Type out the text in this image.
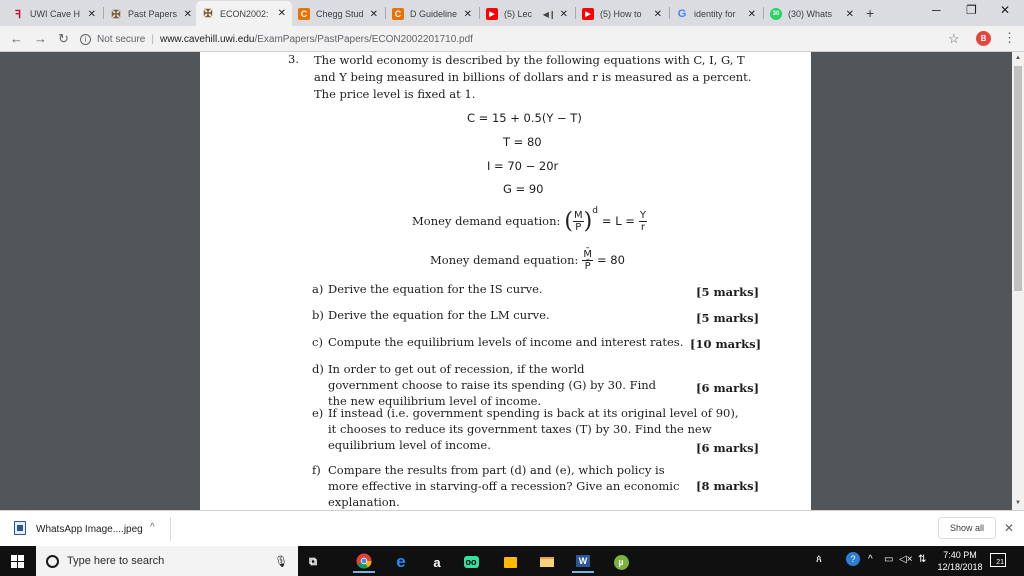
ꟻ UWI Cave H ✕ ✠ Past Papers ✕ ✠ ECON2002: ✕	C Chegg Stud ✕	C D Guideline ✕	▶	(5) Lec	◀❙ ✕	▶	(5) How to	✕ G identity for	✕	30 (30) Whats	✕ +	─ ❐ ✕
← → ↻	i	Not secure | www.cavehill.uwi.edu /ExamPapers/PastPapers/ECON2002201710.pdf	☆	B	⋮
3. The world economy is described by the following equations with C, I, G, T and Y being measured in billions of dollars and r is measured as a percent. The price level is fixed at 1.
C = 15 + 0.5(Y − T)
T = 80
I = 70 − 20r
G = 90
Money demand equation: ( $\frac{M}{P}$ ) d
= $L = \frac{Y}{r}$
Money demand equation: $\frac{M̄}{P̄} = 80$
a) Derive the equation for the IS curve.	[5 marks]
b) Derive the equation for the LM curve.	[5 marks]
c) Compute the equilibrium levels of income and interest rates. [10 marks]
d) In order to get out of recession, if the world government choose to raise its spending (G) by 30. Find the new equilibrium level of income.
[6 marks]
e) If instead (i.e. government spending is back at its original level of 90), it chooses to reduce its government taxes (T) by 30. Find the new equilibrium level of income.	[6 marks]
f) Compare the results from part (d) and (e), which policy is more effective in starving-off a recession? Give an economic explanation.
[8 marks]
▲
▼
WhatsApp Image....jpeg ^	Show all	✕
Type here to search	🎙︎	⧉	e	a	oo	W	µ	ጰ	?	^ ▭ ◁× ⇅	7:40 PM
12/18/2018	21
